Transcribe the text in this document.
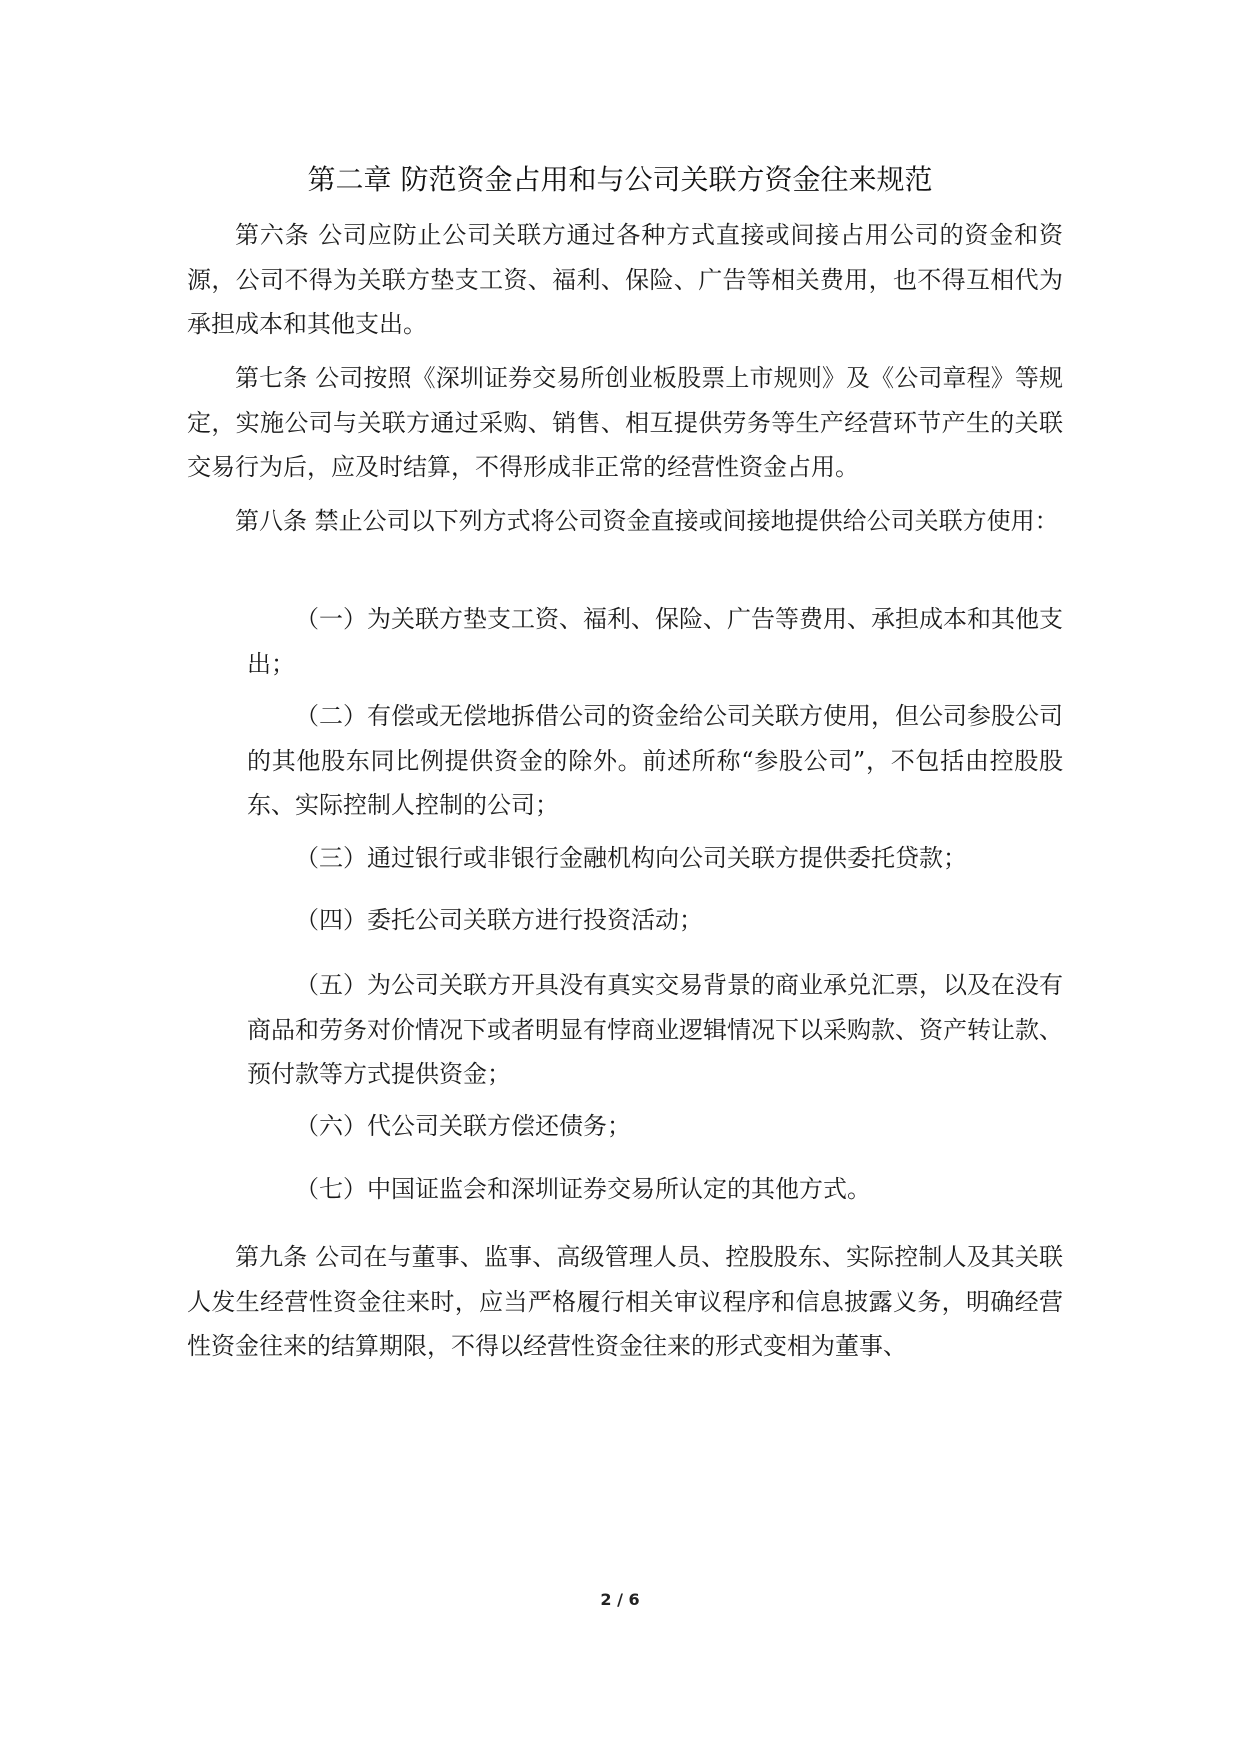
第二章 防范资金占用和与公司关联方资金往来规范

第六条 公司应防止公司关联方通过各种方式直接或间接占用公司的资金和资源，公司不得为关联方垫支工资、福利、保险、广告等相关费用，也不得互相代为承担成本和其他支出。

第七条 公司按照《深圳证券交易所创业板股票上市规则》及《公司章程》等规定，实施公司与关联方通过采购、销售、相互提供劳务等生产经营环节产生的关联交易行为后，应及时结算，不得形成非正常的经营性资金占用。

第八条 禁止公司以下列方式将公司资金直接或间接地提供给公司关联方使用：

（一）为关联方垫支工资、福利、保险、广告等费用、承担成本和其他支出；

（二）有偿或无偿地拆借公司的资金给公司关联方使用，但公司参股公司的其他股东同比例提供资金的除外。前述所称“参股公司”，不包括由控股股东、实际控制人控制的公司；

（三）通过银行或非银行金融机构向公司关联方提供委托贷款；

（四）委托公司关联方进行投资活动；

（五）为公司关联方开具没有真实交易背景的商业承兑汇票，以及在没有商品和劳务对价情况下或者明显有悖商业逻辑情况下以采购款、资产转让款、预付款等方式提供资金；

（六）代公司关联方偿还债务；

（七）中国证监会和深圳证券交易所认定的其他方式。

第九条 公司在与董事、监事、高级管理人员、控股股东、实际控制人及其关联人发生经营性资金往来时，应当严格履行相关审议程序和信息披露义务，明确经营性资金往来的结算期限，不得以经营性资金往来的形式变相为董事、

2 / 6
